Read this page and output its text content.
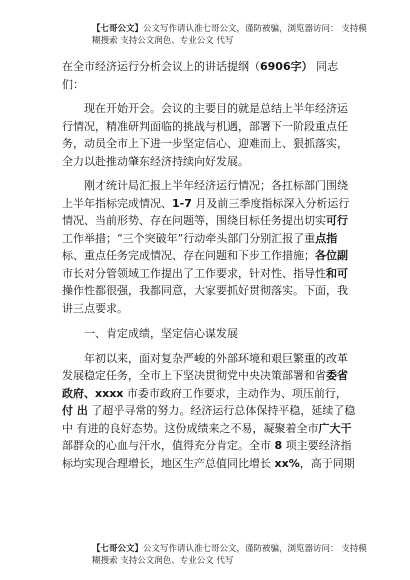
【七哥公文】公文写作请认准七哥公文，谨防被骗，浏览器访问： 支持模
糊搜索 支持公文润色、专业公文 代写

在全市经济运行分析会议上的讲话提纲（6906字） 同志们：

现在开始开会。会议的主要目的就是总结上半年经济运行情况，精准研判面临的挑战与机遇，部署下一阶段重点任务，动员全市上下进一步坚定信心、迎难而上、狠抓落实，全力以赴推动肇东经济持续向好发展。

刚才统计局汇报上半年经济运行情况；各扛标部门围绕上半年指标完成情况、1-7 月及前三季度指标深入分析运行 情况、当前形势、存在问题等，围绕目标任务提出切实可行 工作举措；“三个突破年”行动牵头部门分别汇报了重点指 标、重点任务完成情况、存在问题和下步工作措施；各位副 市长对分管领域工作提出了工作要求，针对性、指导性和可 操作性都很强，我都同意，大家要抓好贯彻落实。下面，我 讲三点要求。

一、肯定成绩，坚定信心谋发展

年初以来，面对复杂严峻的外部环境和艰巨繁重的改革发展稳定任务，全市上下坚决贯彻党中央决策部署和省委省政府、xxxx 市委市政府工作要求，主动作为、项压前行，付 出 了超乎寻常的努力。经济运行总体保持平稳，延续了稳中 有进的良好态势。这份成绩来之不易，凝聚着全市广大干 部群众的心血与汗水，值得充分肯定。全市 8 项主要经济指 标均实现合理增长，地区生产总值同比增长 xx%，高于同期

【七哥公文】公文写作请认准七哥公文，谨防被骗，浏览器访问： 支持模
糊搜索 支持公文润色、专业公文 代写
